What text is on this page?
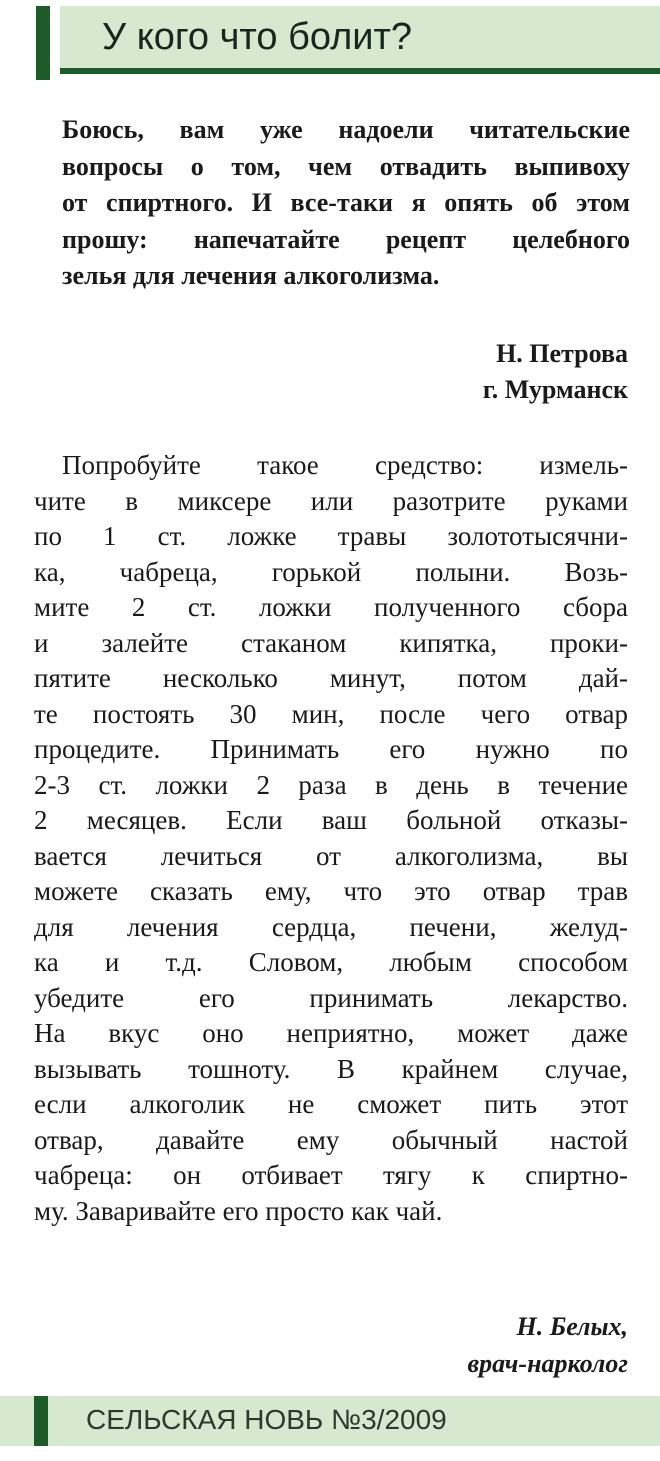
У кого что болит?
Боюсь, вам уже надоели читательские
вопросы о том, чем отвадить выпивоху
от спиртного. И все-таки я опять об этом
прошу: напечатайте рецепт целебного
зелья для лечения алкоголизма.
Н. Петрова
г. Мурманск
Попробуйте такое средство: измель-
чите в миксере или разотрите руками
по 1 ст. ложке травы золототысячни-
ка, чабреца, горькой полыни. Возь-
мите 2 ст. ложки полученного сбора
и залейте стаканом кипятка, проки-
пятите несколько минут, потом дай-
те постоять 30 мин, после чего отвар
процедите. Принимать его нужно по
2-3 ст. ложки 2 раза в день в течение
2 месяцев. Если ваш больной отказы-
вается лечиться от алкоголизма, вы
можете сказать ему, что это отвар трав
для лечения сердца, печени, желуд-
ка и т.д. Словом, любым способом
убедите его принимать лекарство.
На вкус оно неприятно, может даже
вызывать тошноту. В крайнем случае,
если алкоголик не сможет пить этот
отвар, давайте ему обычный настой
чабреца: он отбивает тягу к спиртно-
му. Заваривайте его просто как чай.
Н. Белых,
врач-нарколог
СЕЛЬСКАЯ НОВЬ №3/2009
